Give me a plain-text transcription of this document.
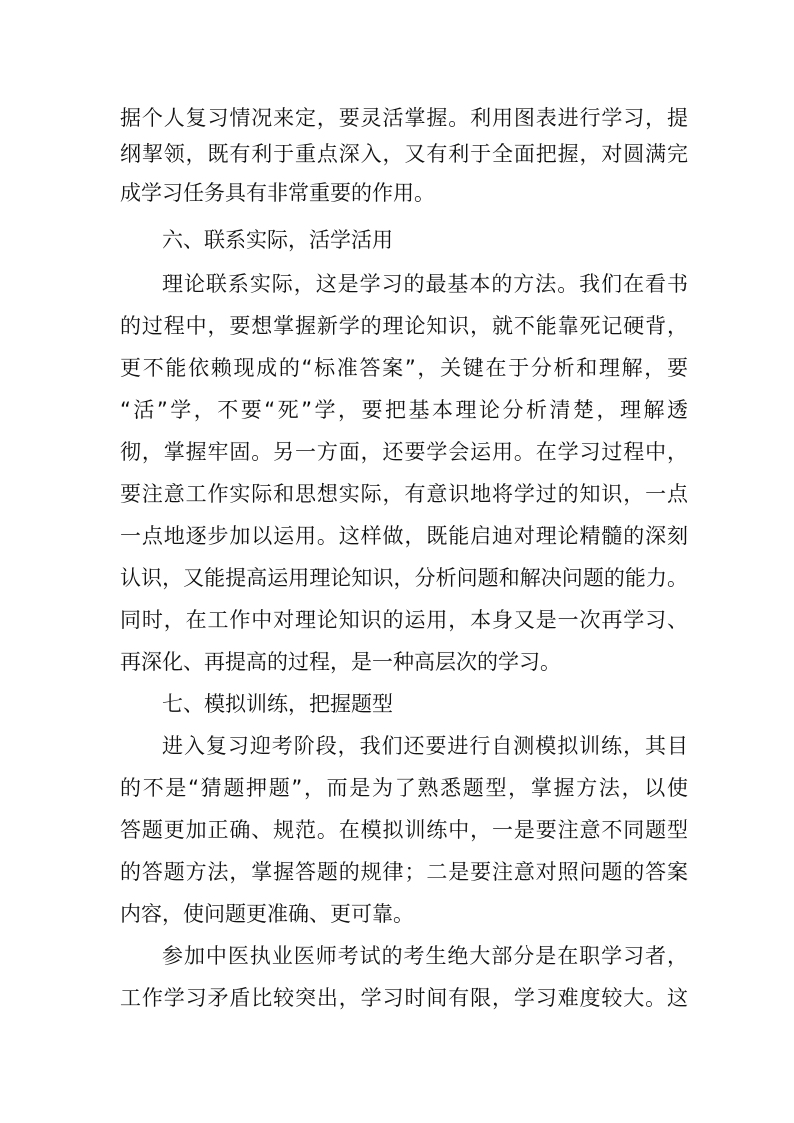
据个人复习情况来定，要灵活掌握。利用图表进行学习，提
纲挈领，既有利于重点深入，又有利于全面把握，对圆满完
成学习任务具有非常重要的作用。
六、联系实际，活学活用
理论联系实际，这是学习的最基本的方法。我们在看书
的过程中，要想掌握新学的理论知识，就不能靠死记硬背，
更不能依赖现成的“标准答案”，关键在于分析和理解，要
“活”学，不要“死”学，要把基本理论分析清楚，理解透
彻，掌握牢固。另一方面，还要学会运用。在学习过程中，
要注意工作实际和思想实际，有意识地将学过的知识，一点
一点地逐步加以运用。这样做，既能启迪对理论精髓的深刻
认识，又能提高运用理论知识，分析问题和解决问题的能力。
同时，在工作中对理论知识的运用，本身又是一次再学习、
再深化、再提高的过程，是一种高层次的学习。
七、模拟训练，把握题型
进入复习迎考阶段，我们还要进行自测模拟训练，其目
的不是“猜题押题”，而是为了熟悉题型，掌握方法，以使
答题更加正确、规范。在模拟训练中，一是要注意不同题型
的答题方法，掌握答题的规律；二是要注意对照问题的答案
内容，使问题更准确、更可靠。
参加中医执业医师考试的考生绝大部分是在职学习者，
工作学习矛盾比较突出，学习时间有限，学习难度较大。这
